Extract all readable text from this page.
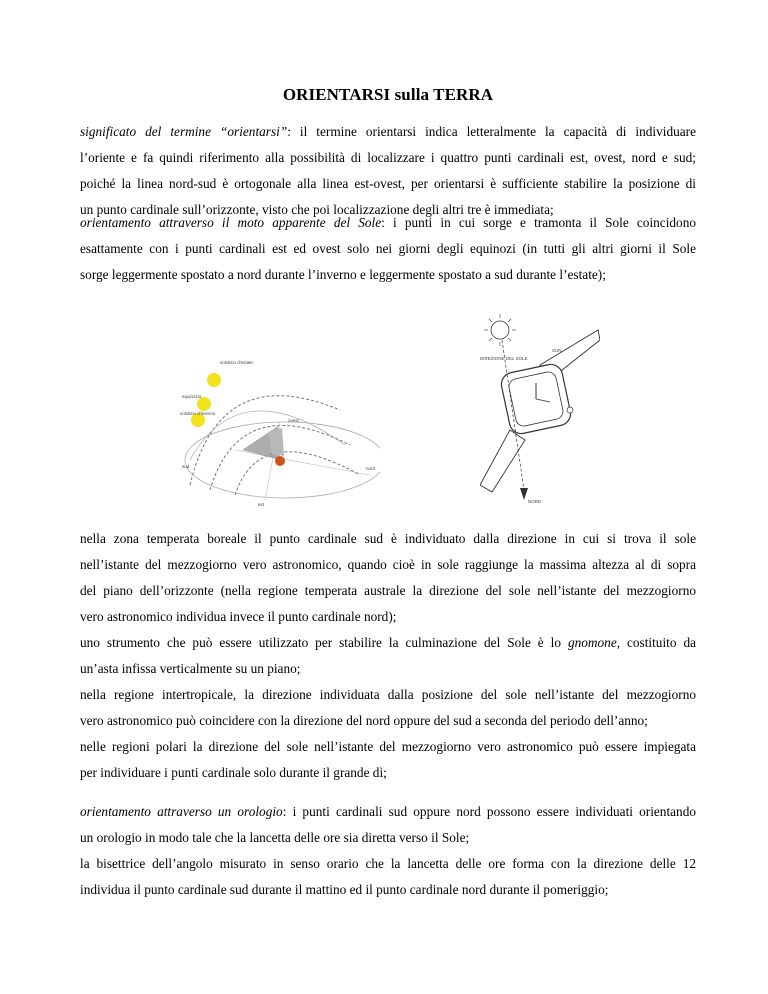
ORIENTARSI sulla TERRA
significato del termine “orientarsi”: il termine orientarsi indica letteralmente la capacità di individuare
l’oriente e fa quindi riferimento alla possibilità di localizzare i quattro punti cardinali est, ovest, nord e sud;
poiché la linea nord-sud è ortogonale alla linea est-ovest, per orientarsi è sufficiente stabilire la posizione di
un punto cardinale sull’orizzonte, visto che poi localizzazione degli altri tre è immediata;
orientamento attraverso il moto apparente del Sole: i punti in cui sorge e tramonta il Sole coincidono
esattamente con i punti cardinali est ed ovest solo nei giorni degli equinozi (in tutti gli altri giorni il Sole
sorge leggermente spostato a nord durante l’inverno e leggermente spostato a sud durante l’estate);
nella zona temperata boreale il punto cardinale sud è individuato dalla direzione in cui si trova il sole
nell’istante del mezzogiorno vero astronomico, quando cioè in sole raggiunge la massima altezza al di sopra
del piano dell’orizzonte (nella regione temperata australe la direzione del sole nell’istante del mezzogiorno
vero astronomico individua invece il punto cardinale nord);
uno strumento che può essere utilizzato per stabilire la culminazione del Sole è lo gnomone, costituito da
un’asta infissa verticalmente su un piano;
nella regione intertropicale, la direzione individuata dalla posizione del sole nell’istante del mezzogiorno
vero astronomico può coincidere con la direzione del nord oppure del sud a seconda del periodo dell’anno;
nelle regioni polari la direzione del sole nell’istante del mezzogiorno vero astronomico può essere impiegata
per individuare i punti cardinale solo durante il grande dì;
orientamento attraverso un orologio: i punti cardinali sud oppure nord possono essere individuati orientando
un orologio in modo tale che la lancetta delle ore sia diretta verso il Sole;
la bisettrice dell’angolo misurato in senso orario che la lancetta delle ore forma con la direzione delle 12
individua il punto cardinale sud durante il mattino ed il punto cardinale nord durante il pomeriggio;
solstizio d'estate
equinozio
solstizio d'inverno
ovest
nord
sud
est
SUN
DIREZIONE DEL SOLE
NORD
